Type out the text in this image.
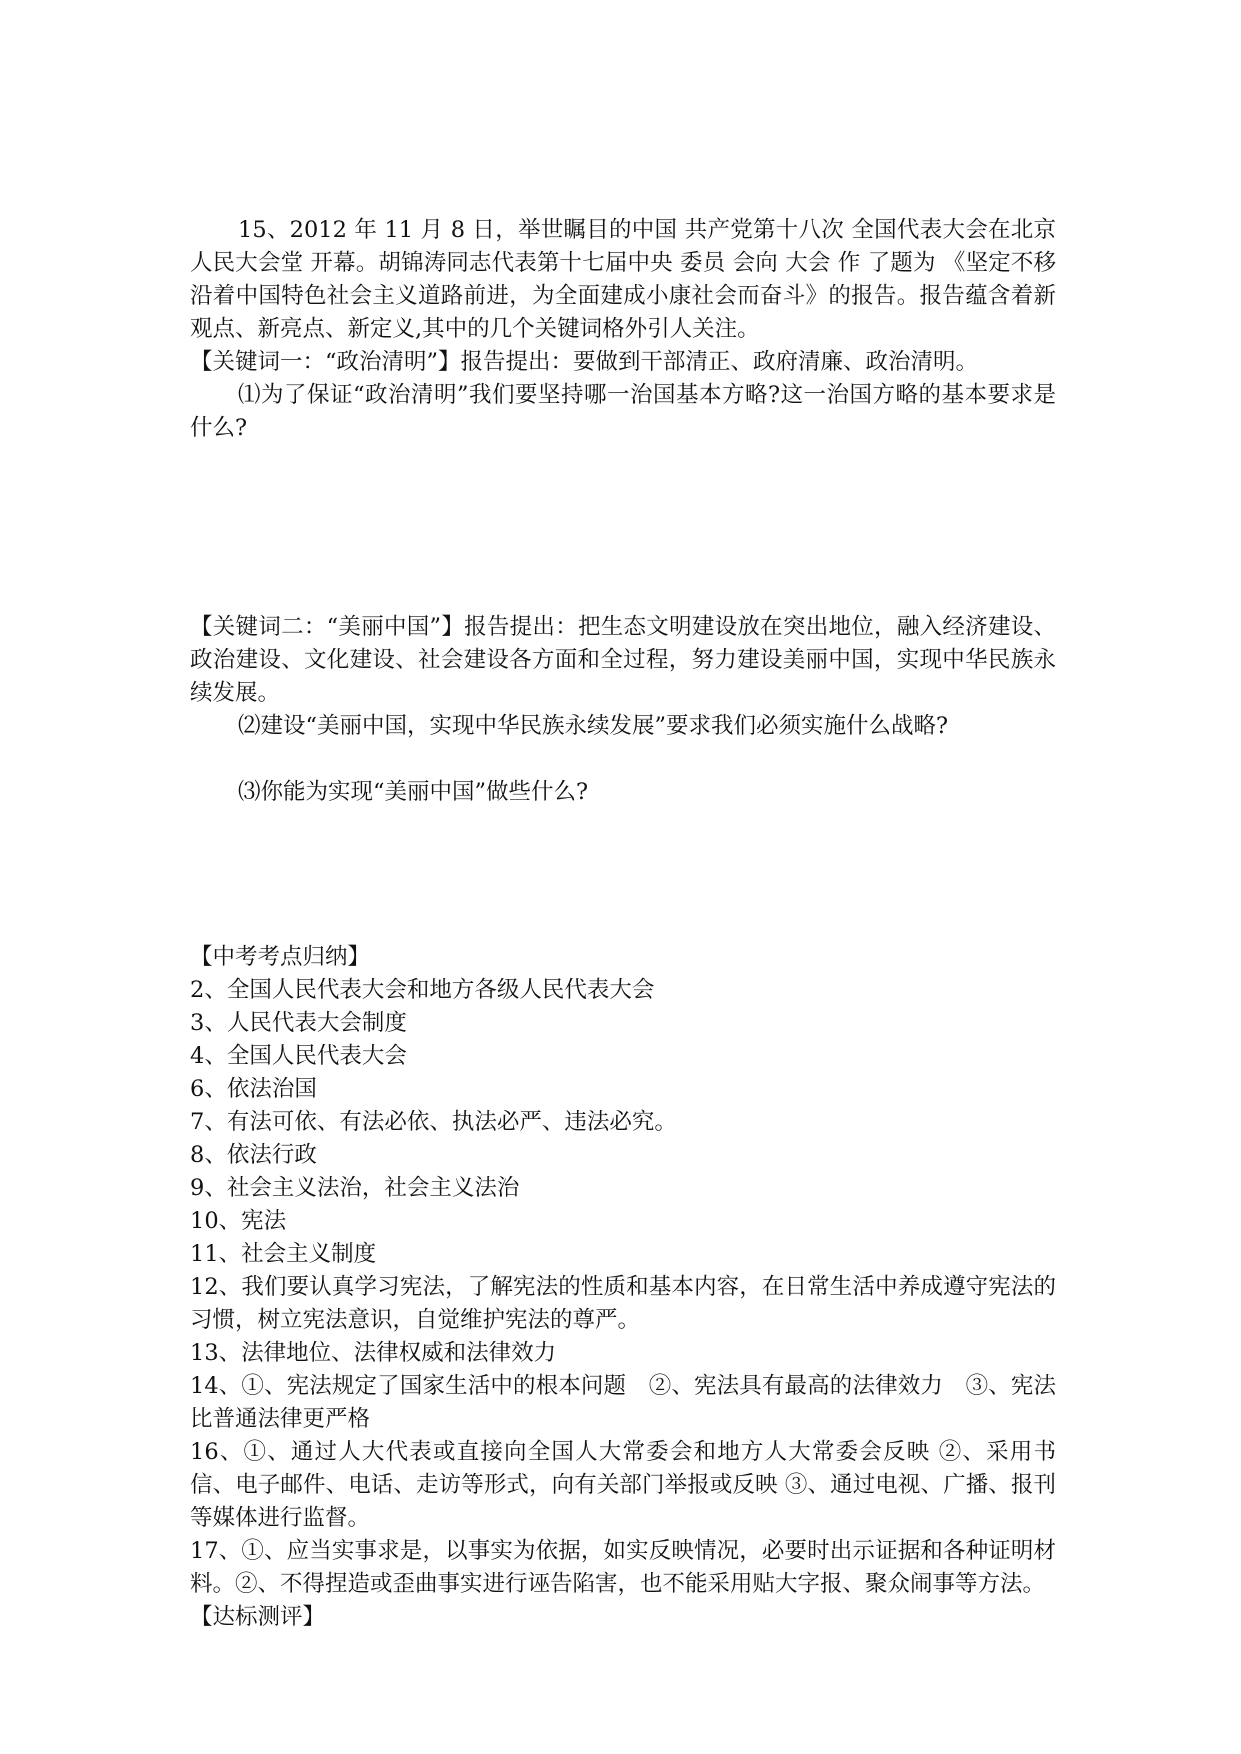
15、2012 年 11 月 8 日，举世瞩目的中国 共产党第十八次 全国代表大会在北京人民大会堂 开幕。胡锦涛同志代表第十七届中央 委员 会向 大会 作 了题为 《坚定不移沿着中国特色社会主义道路前进，为全面建成小康社会而奋斗》的报告。报告蕴含着新观点、新亮点、新定义,其中的几个关键词格外引人关注。

【关键词一：“政治清明”】报告提出：要做到干部清正、政府清廉、政治清明。

⑴为了保证“政治清明”我们要坚持哪一治国基本方略?这一治国方略的基本要求是什么?

【关键词二：“美丽中国”】报告提出：把生态文明建设放在突出地位，融入经济建设、政治建设、文化建设、社会建设各方面和全过程，努力建设美丽中国，实现中华民族永续发展。

⑵建设“美丽中国，实现中华民族永续发展”要求我们必须实施什么战略?

⑶你能为实现“美丽中国”做些什么?

【中考考点归纳】

2、全国人民代表大会和地方各级人民代表大会

3、人民代表大会制度

4、全国人民代表大会

6、依法治国

7、有法可依、有法必依、执法必严、违法必究。

8、依法行政

9、社会主义法治，社会主义法治

10、宪法

11、社会主义制度

12、我们要认真学习宪法，了解宪法的性质和基本内容，在日常生活中养成遵守宪法的习惯，树立宪法意识，自觉维护宪法的尊严。

13、法律地位、法律权威和法律效力

14、①、宪法规定了国家生活中的根本问题　②、宪法具有最高的法律效力　③、宪法比普通法律更严格

16、①、通过人大代表或直接向全国人大常委会和地方人大常委会反映 ②、采用书信、电子邮件、电话、走访等形式，向有关部门举报或反映 ③、通过电视、广播、报刊等媒体进行监督。

17、①、应当实事求是，以事实为依据，如实反映情况，必要时出示证据和各种证明材料。②、不得捏造或歪曲事实进行诬告陷害，也不能采用贴大字报、聚众闹事等方法。

【达标测评】
